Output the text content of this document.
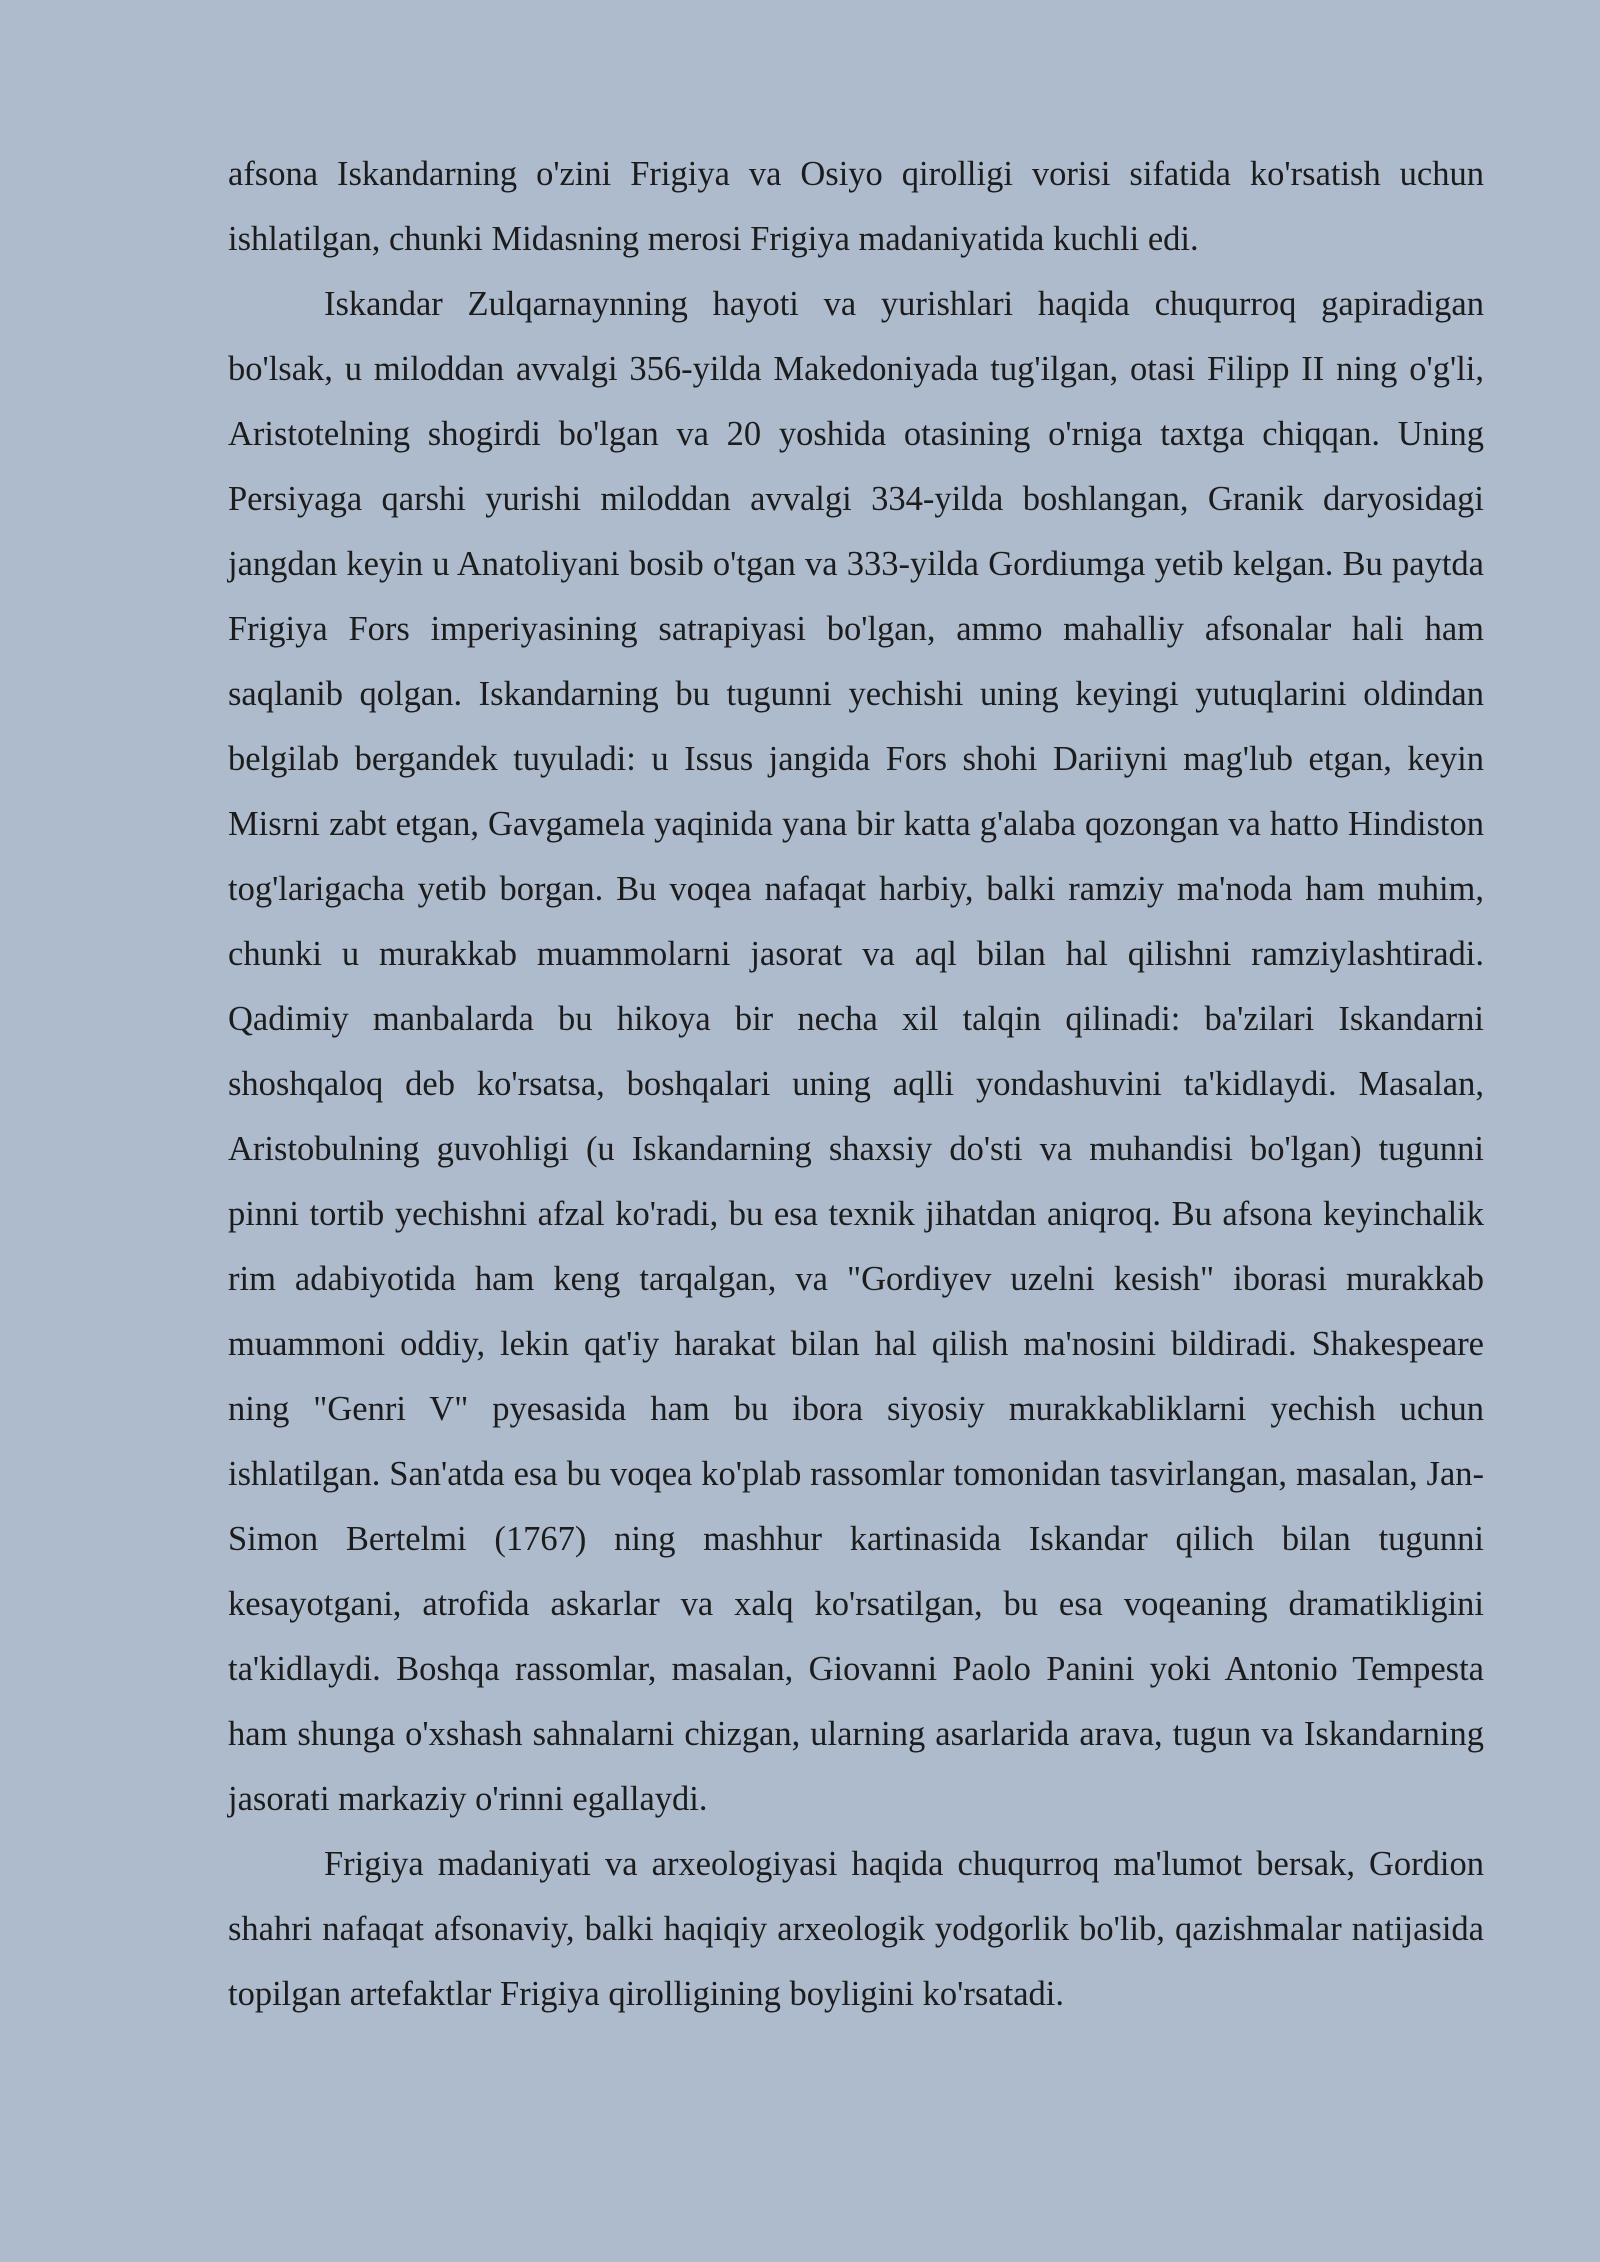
afsona Iskandarning o'zini Frigiya va Osiyo qirolligi vorisi sifatida ko'rsatish uchun ishlatilgan, chunki Midasning merosi Frigiya madaniyatida kuchli edi.

Iskandar Zulqarnaynning hayoti va yurishlari haqida chuqurroq gapiradigan bo'lsak, u miloddan avvalgi 356-yilda Makedoniyada tug'ilgan, otasi Filipp II ning o'g'li, Aristotelning shogirdi bo'lgan va 20 yoshida otasining o'rniga taxtga chiqqan. Uning Persiyaga qarshi yurishi miloddan avvalgi 334-yilda boshlangan, Granik daryosidagi jangdan keyin u Anatoliyani bosib o'tgan va 333-yilda Gordiumga yetib kelgan. Bu paytda Frigiya Fors imperiyasining satrapiyasi bo'lgan, ammo mahalliy afsonalar hali ham saqlanib qolgan. Iskandarning bu tugunni yechishi uning keyingi yutuqlarini oldindan belgilab bergandek tuyuladi: u Issus jangida Fors shohi Dariiyni mag'lub etgan, keyin Misrni zabt etgan, Gavgamela yaqinida yana bir katta g'alaba qozongan va hatto Hindiston tog'larigacha yetib borgan. Bu voqea nafaqat harbiy, balki ramziy ma'noda ham muhim, chunki u murakkab muammolarni jasorat va aql bilan hal qilishni ramziylashtiradi. Qadimiy manbalarda bu hikoya bir necha xil talqin qilinadi: ba'zilari Iskandarni shoshqaloq deb ko'rsatsa, boshqalari uning aqlli yondashuvini ta'kidlaydi. Masalan, Aristobulning guvohligi (u Iskandarning shaxsiy do'sti va muhandisi bo'lgan) tugunni pinni tortib yechishni afzal ko'radi, bu esa texnik jihatdan aniqroq. Bu afsona keyinchalik rim adabiyotida ham keng tarqalgan, va "Gordiyev uzelni kesish" iborasi murakkab muammoni oddiy, lekin qat'iy harakat bilan hal qilish ma'nosini bildiradi. Shakespeare ning "Genri V" pyesasida ham bu ibora siyosiy murakkabliklarni yechish uchun ishlatilgan. San'atda esa bu voqea ko'plab rassomlar tomonidan tasvirlangan, masalan, Jan-Simon Bertelmi (1767) ning mashhur kartinasida Iskandar qilich bilan tugunni kesayotgani, atrofida askarlar va xalq ko'rsatilgan, bu esa voqeaning dramatikligini ta'kidlaydi. Boshqa rassomlar, masalan, Giovanni Paolo Panini yoki Antonio Tempesta ham shunga o'xshash sahnalarni chizgan, ularning asarlarida arava, tugun va Iskandarning jasorati markaziy o'rinni egallaydi.

Frigiya madaniyati va arxeologiyasi haqida chuqurroq ma'lumot bersak, Gordion shahri nafaqat afsonaviy, balki haqiqiy arxeologik yodgorlik bo'lib, qazishmalar natijasida topilgan artefaktlar Frigiya qirolligining boyligini ko'rsatadi.
